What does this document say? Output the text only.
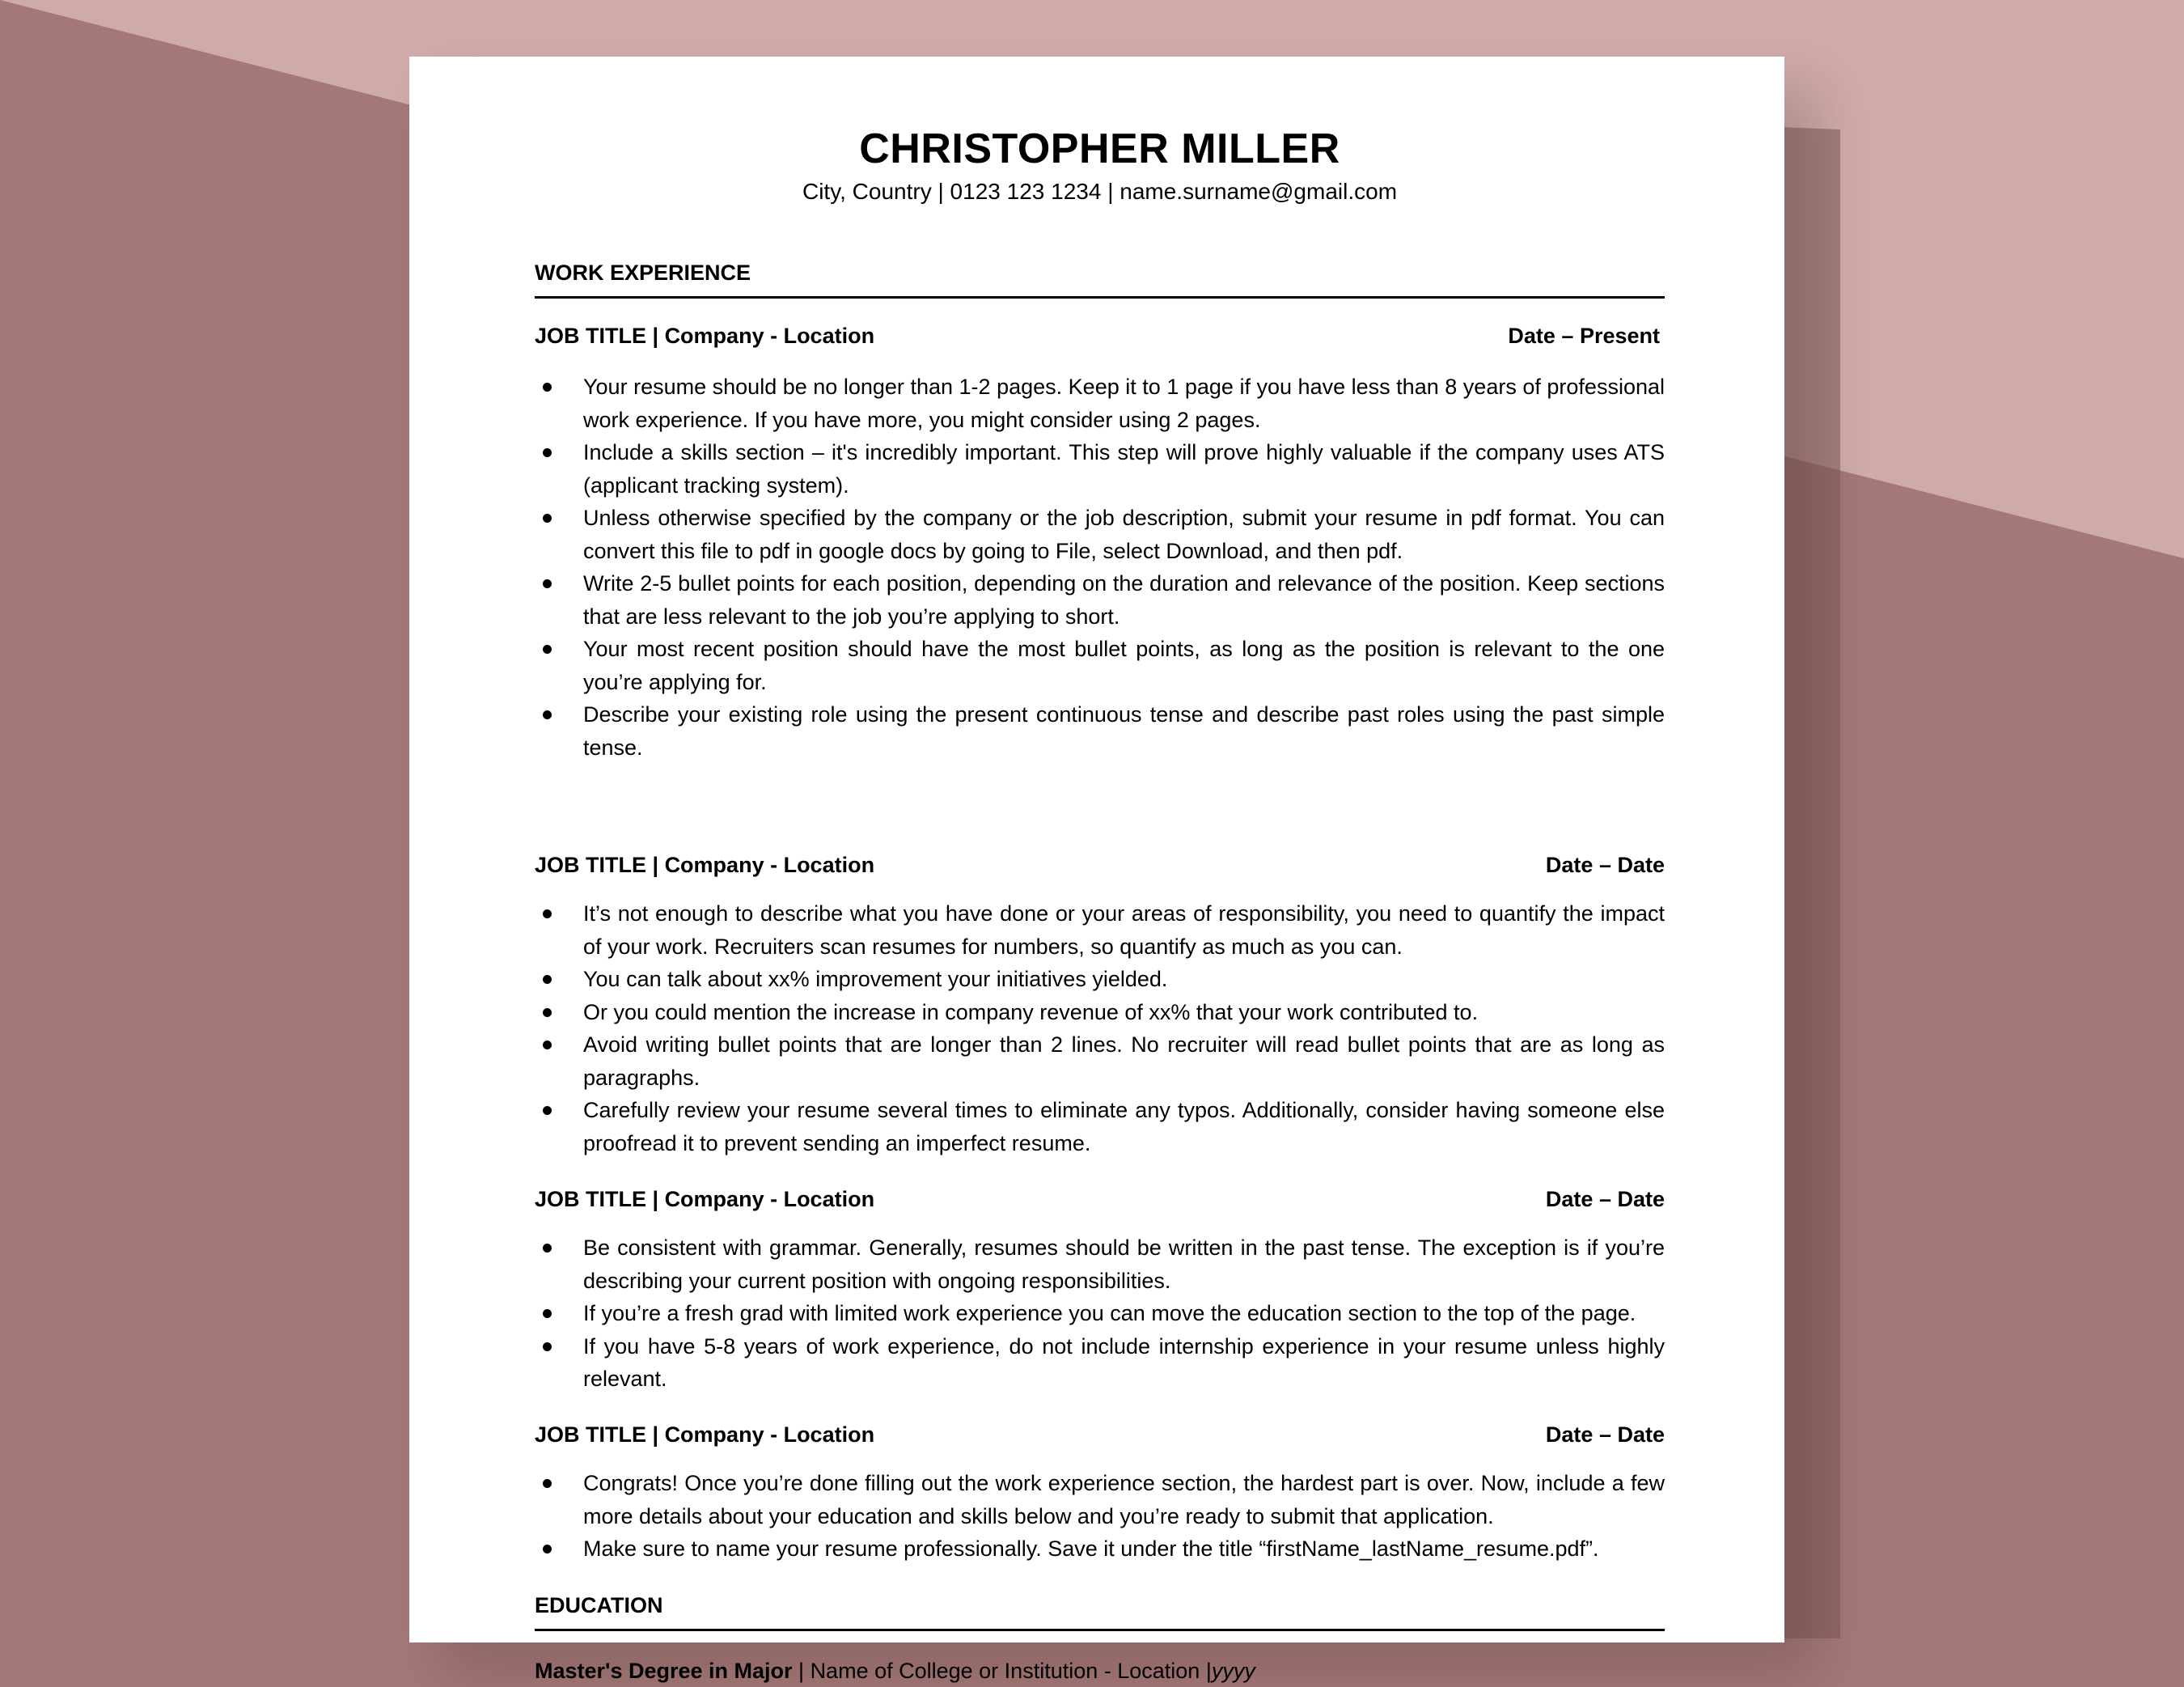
CHRISTOPHER MILLER
City, Country | 0123 123 1234 | name.surname@gmail.com
WORK EXPERIENCE
JOB TITLE | Company - Location	Date – Present
Your resume should be no longer than 1-2 pages. Keep it to 1 page if you have less than 8 years of professional work experience. If you have more, you might consider using 2 pages.
Include a skills section – it's incredibly important. This step will prove highly valuable if the company uses ATS (applicant tracking system).
Unless otherwise specified by the company or the job description, submit your resume in pdf format. You can convert this file to pdf in google docs by going to File, select Download, and then pdf.
Write 2-5 bullet points for each position, depending on the duration and relevance of the position. Keep sections that are less relevant to the job you’re applying to short.
Your most recent position should have the most bullet points, as long as the position is relevant to the one you’re applying for.
Describe your existing role using the present continuous tense and describe past roles using the past simple tense.
JOB TITLE | Company - Location	Date – Date
It’s not enough to describe what you have done or your areas of responsibility, you need to quantify the impact of your work. Recruiters scan resumes for numbers, so quantify as much as you can.
You can talk about xx% improvement your initiatives yielded.
Or you could mention the increase in company revenue of xx% that your work contributed to.
Avoid writing bullet points that are longer than 2 lines. No recruiter will read bullet points that are as long as paragraphs.
Carefully review your resume several times to eliminate any typos. Additionally, consider having someone else proofread it to prevent sending an imperfect resume.
JOB TITLE | Company - Location	Date – Date
Be consistent with grammar. Generally, resumes should be written in the past tense. The exception is if you’re describing your current position with ongoing responsibilities.
If you’re a fresh grad with limited work experience you can move the education section to the top of the page.
If you have 5-8 years of work experience, do not include internship experience in your resume unless highly relevant.
JOB TITLE | Company - Location	Date – Date
Congrats! Once you’re done filling out the work experience section, the hardest part is over. Now, include a few more details about your education and skills below and you’re ready to submit that application.
Make sure to name your resume professionally. Save it under the title “firstName_lastName_resume.pdf”.
EDUCATION
Master's Degree in Major | Name of College or Institution - Location |yyyy
